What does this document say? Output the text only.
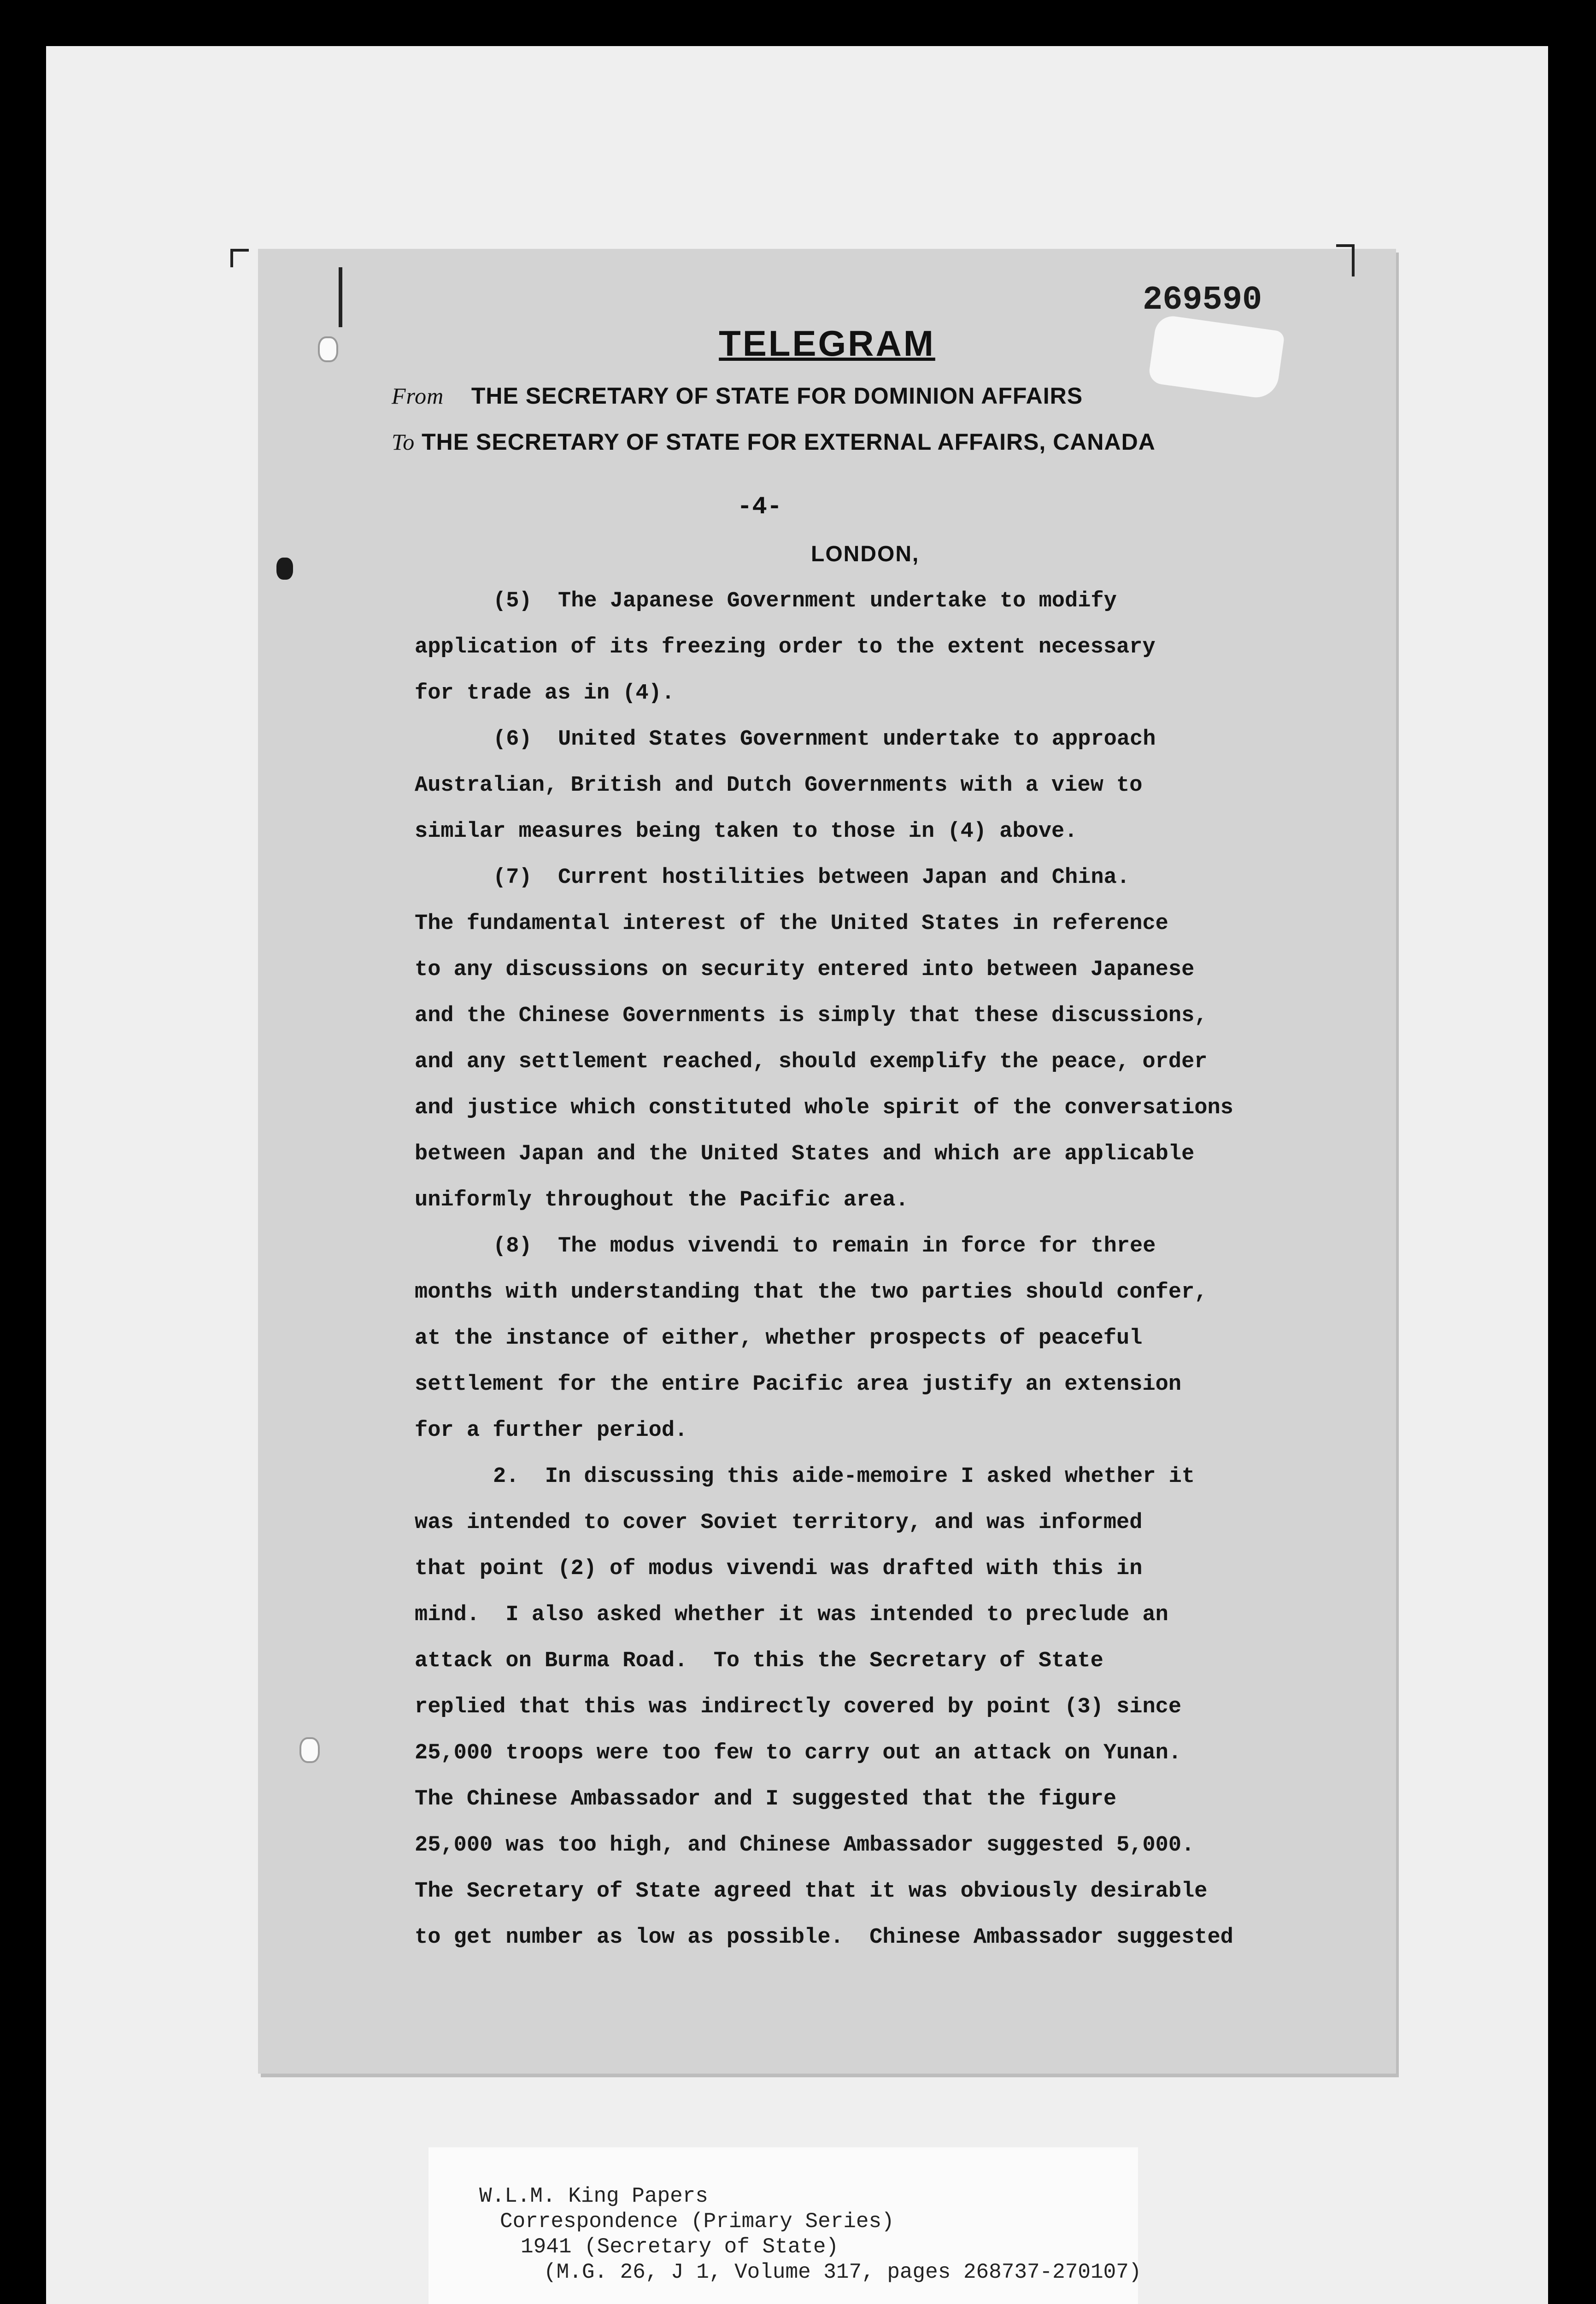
269590
TELEGRAM
From THE SECRETARY OF STATE FOR DOMINION AFFAIRS
To THE SECRETARY OF STATE FOR EXTERNAL AFFAIRS, CANADA
-4-
LONDON,
(5)  The Japanese Government undertake to modify
application of its freezing order to the extent necessary
for trade as in (4).
(6)  United States Government undertake to approach
Australian, British and Dutch Governments with a view to
similar measures being taken to those in (4) above.
(7)  Current hostilities between Japan and China.
The fundamental interest of the United States in reference
to any discussions on security entered into between Japanese
and the Chinese Governments is simply that these discussions,
and any settlement reached, should exemplify the peace, order
and justice which constituted whole spirit of the conversations
between Japan and the United States and which are applicable
uniformly throughout the Pacific area.
(8)  The modus vivendi to remain in force for three
months with understanding that the two parties should confer,
at the instance of either, whether prospects of peaceful
settlement for the entire Pacific area justify an extension
for a further period.
2.  In discussing this aide-memoire I asked whether it
was intended to cover Soviet territory, and was informed
that point (2) of modus vivendi was drafted with this in
mind.  I also asked whether it was intended to preclude an
attack on Burma Road.  To this the Secretary of State
replied that this was indirectly covered by point (3) since
25,000 troops were too few to carry out an attack on Yunan.
The Chinese Ambassador and I suggested that the figure
25,000 was too high, and Chinese Ambassador suggested 5,000.
The Secretary of State agreed that it was obviously desirable
to get number as low as possible.  Chinese Ambassador suggested
W.L.M. King Papers
Correspondence (Primary Series)
1941 (Secretary of State)
(M.G. 26, J 1, Volume 317, pages 268737-270107)
